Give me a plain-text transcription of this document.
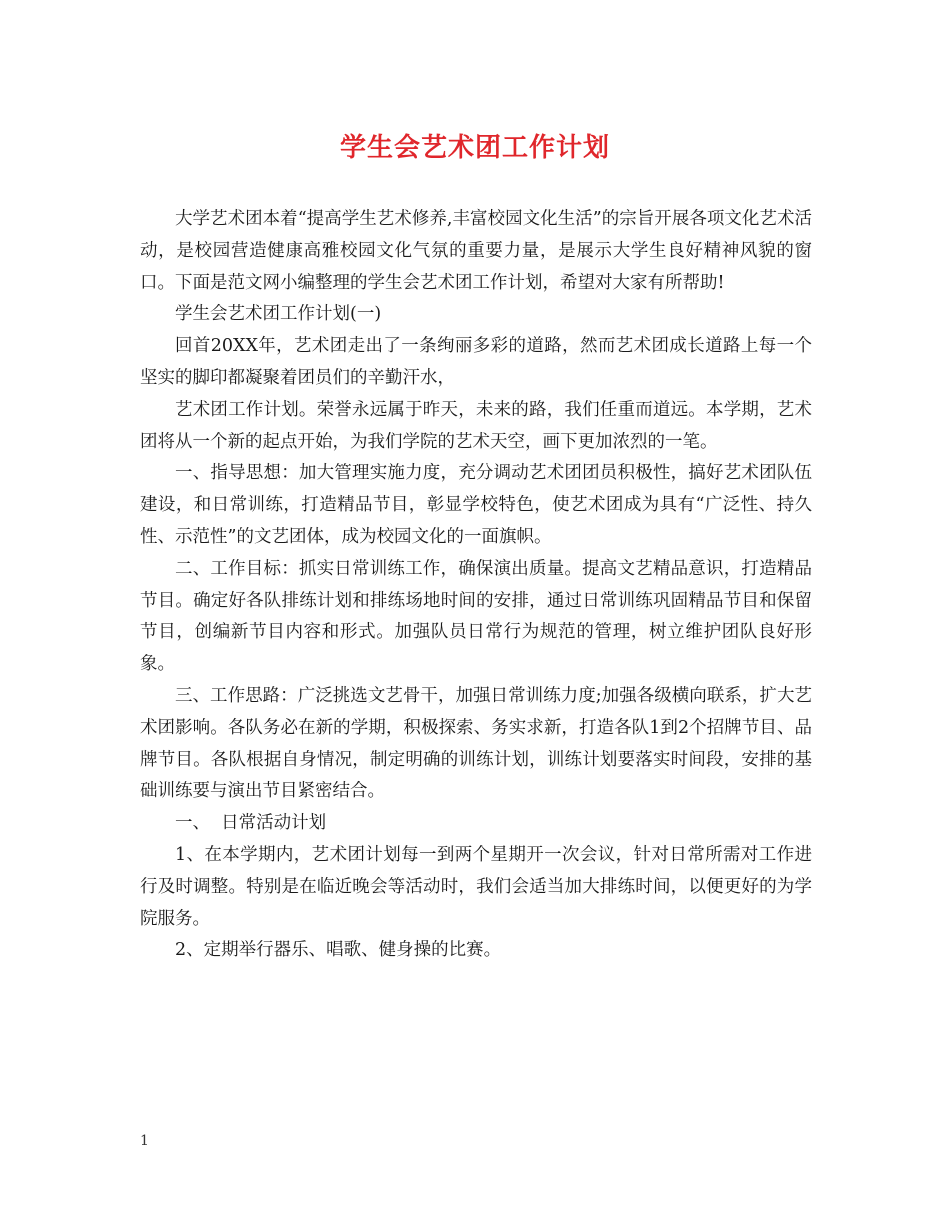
学生会艺术团工作计划

大学艺术团本着“提高学生艺术修养,丰富校园文化生活”的宗旨开展各项文化艺术活动，是校园营造健康高雅校园文化气氛的重要力量，是展示大学生良好精神风貌的窗口。下面是范文网小编整理的学生会艺术团工作计划，希望对大家有所帮助!

学生会艺术团工作计划(一)

回首20XX年，艺术团走出了一条绚丽多彩的道路，然而艺术团成长道路上每一个坚实的脚印都凝聚着团员们的辛勤汗水，

艺术团工作计划。荣誉永远属于昨天，未来的路，我们任重而道远。本学期，艺术团将从一个新的起点开始，为我们学院的艺术天空，画下更加浓烈的一笔。

一、指导思想：加大管理实施力度，充分调动艺术团团员积极性，搞好艺术团队伍建设，和日常训练，打造精品节目，彰显学校特色，使艺术团成为具有“广泛性、持久性、示范性”的文艺团体，成为校园文化的一面旗帜。

二、工作目标：抓实日常训练工作，确保演出质量。提高文艺精品意识，打造精品节目。确定好各队排练计划和排练场地时间的安排，通过日常训练巩固精品节目和保留节目，创编新节目内容和形式。加强队员日常行为规范的管理，树立维护团队良好形象。

三、工作思路：广泛挑选文艺骨干，加强日常训练力度;加强各级横向联系，扩大艺术团影响。各队务必在新的学期，积极探索、务实求新，打造各队1到2个招牌节目、品牌节目。各队根据自身情况，制定明确的训练计划，训练计划要落实时间段，安排的基础训练要与演出节目紧密结合。

一、  日常活动计划

1、在本学期内，艺术团计划每一到两个星期开一次会议，针对日常所需对工作进行及时调整。特别是在临近晚会等活动时，我们会适当加大排练时间，以便更好的为学院服务。

2、定期举行器乐、唱歌、健身操的比赛。

1
